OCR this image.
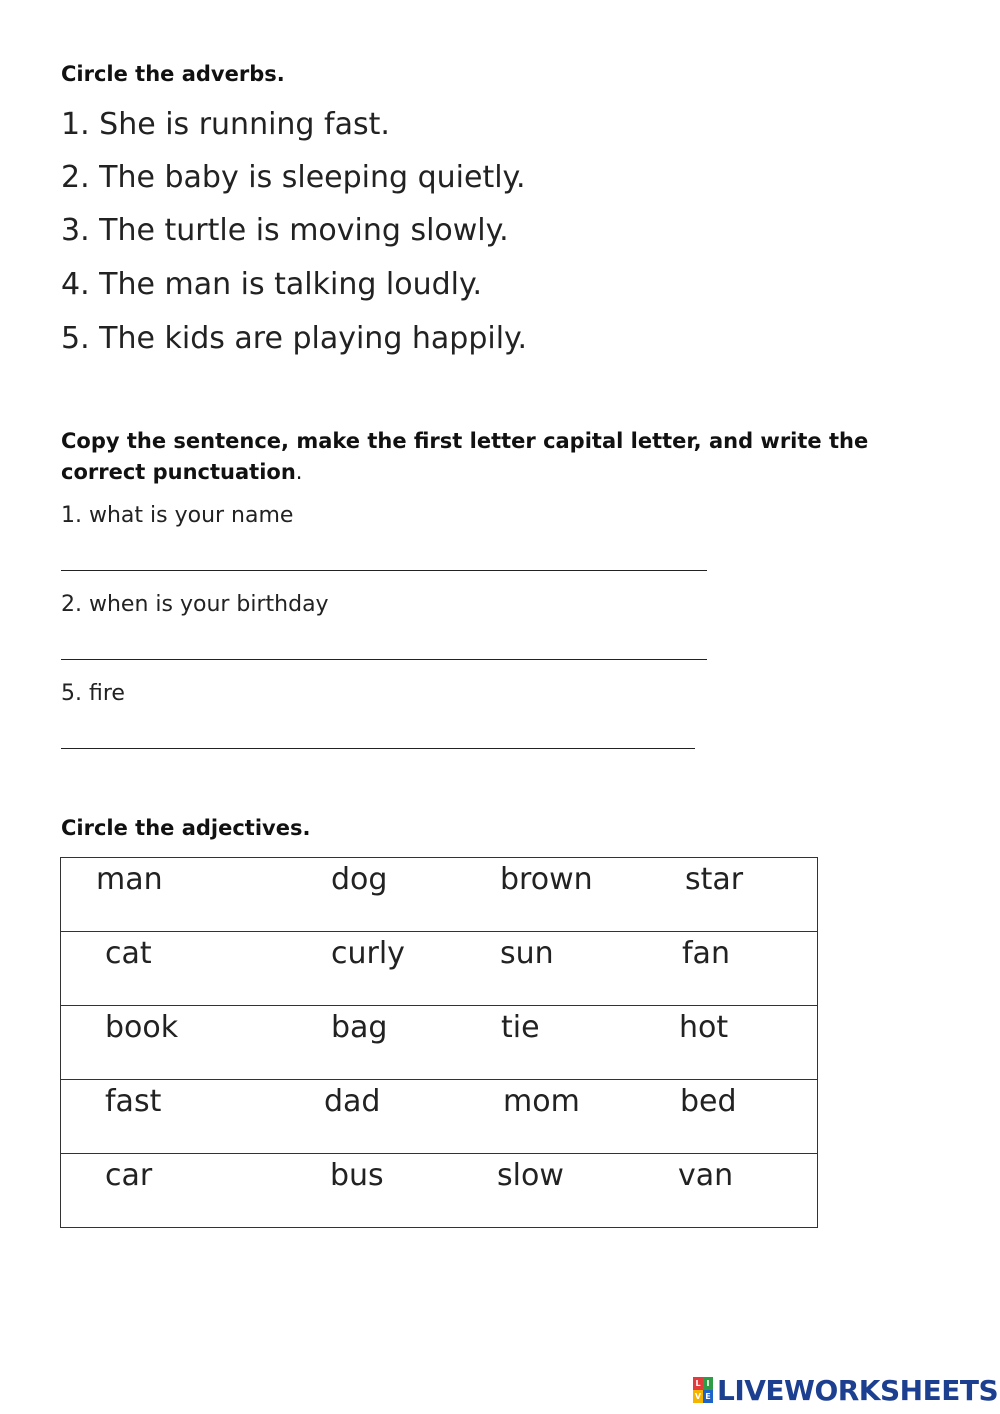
Circle the adverbs.
1. She is running fast.
2. The baby is sleeping quietly.
3. The turtle is moving slowly.
4. The man is talking loudly.
5. The kids are playing happily.
Copy the sentence, make the first letter capital letter, and write the correct punctuation.
1. what is your name
2. when is your birthday
5. fire
Circle the adjectives.
man	dog	brown	star

cat	curly	sun	fan

book	bag	tie	hot

fast	dad	mom	bed

car	bus	slow	van
L I
V E LIVEWORKSHEETS
